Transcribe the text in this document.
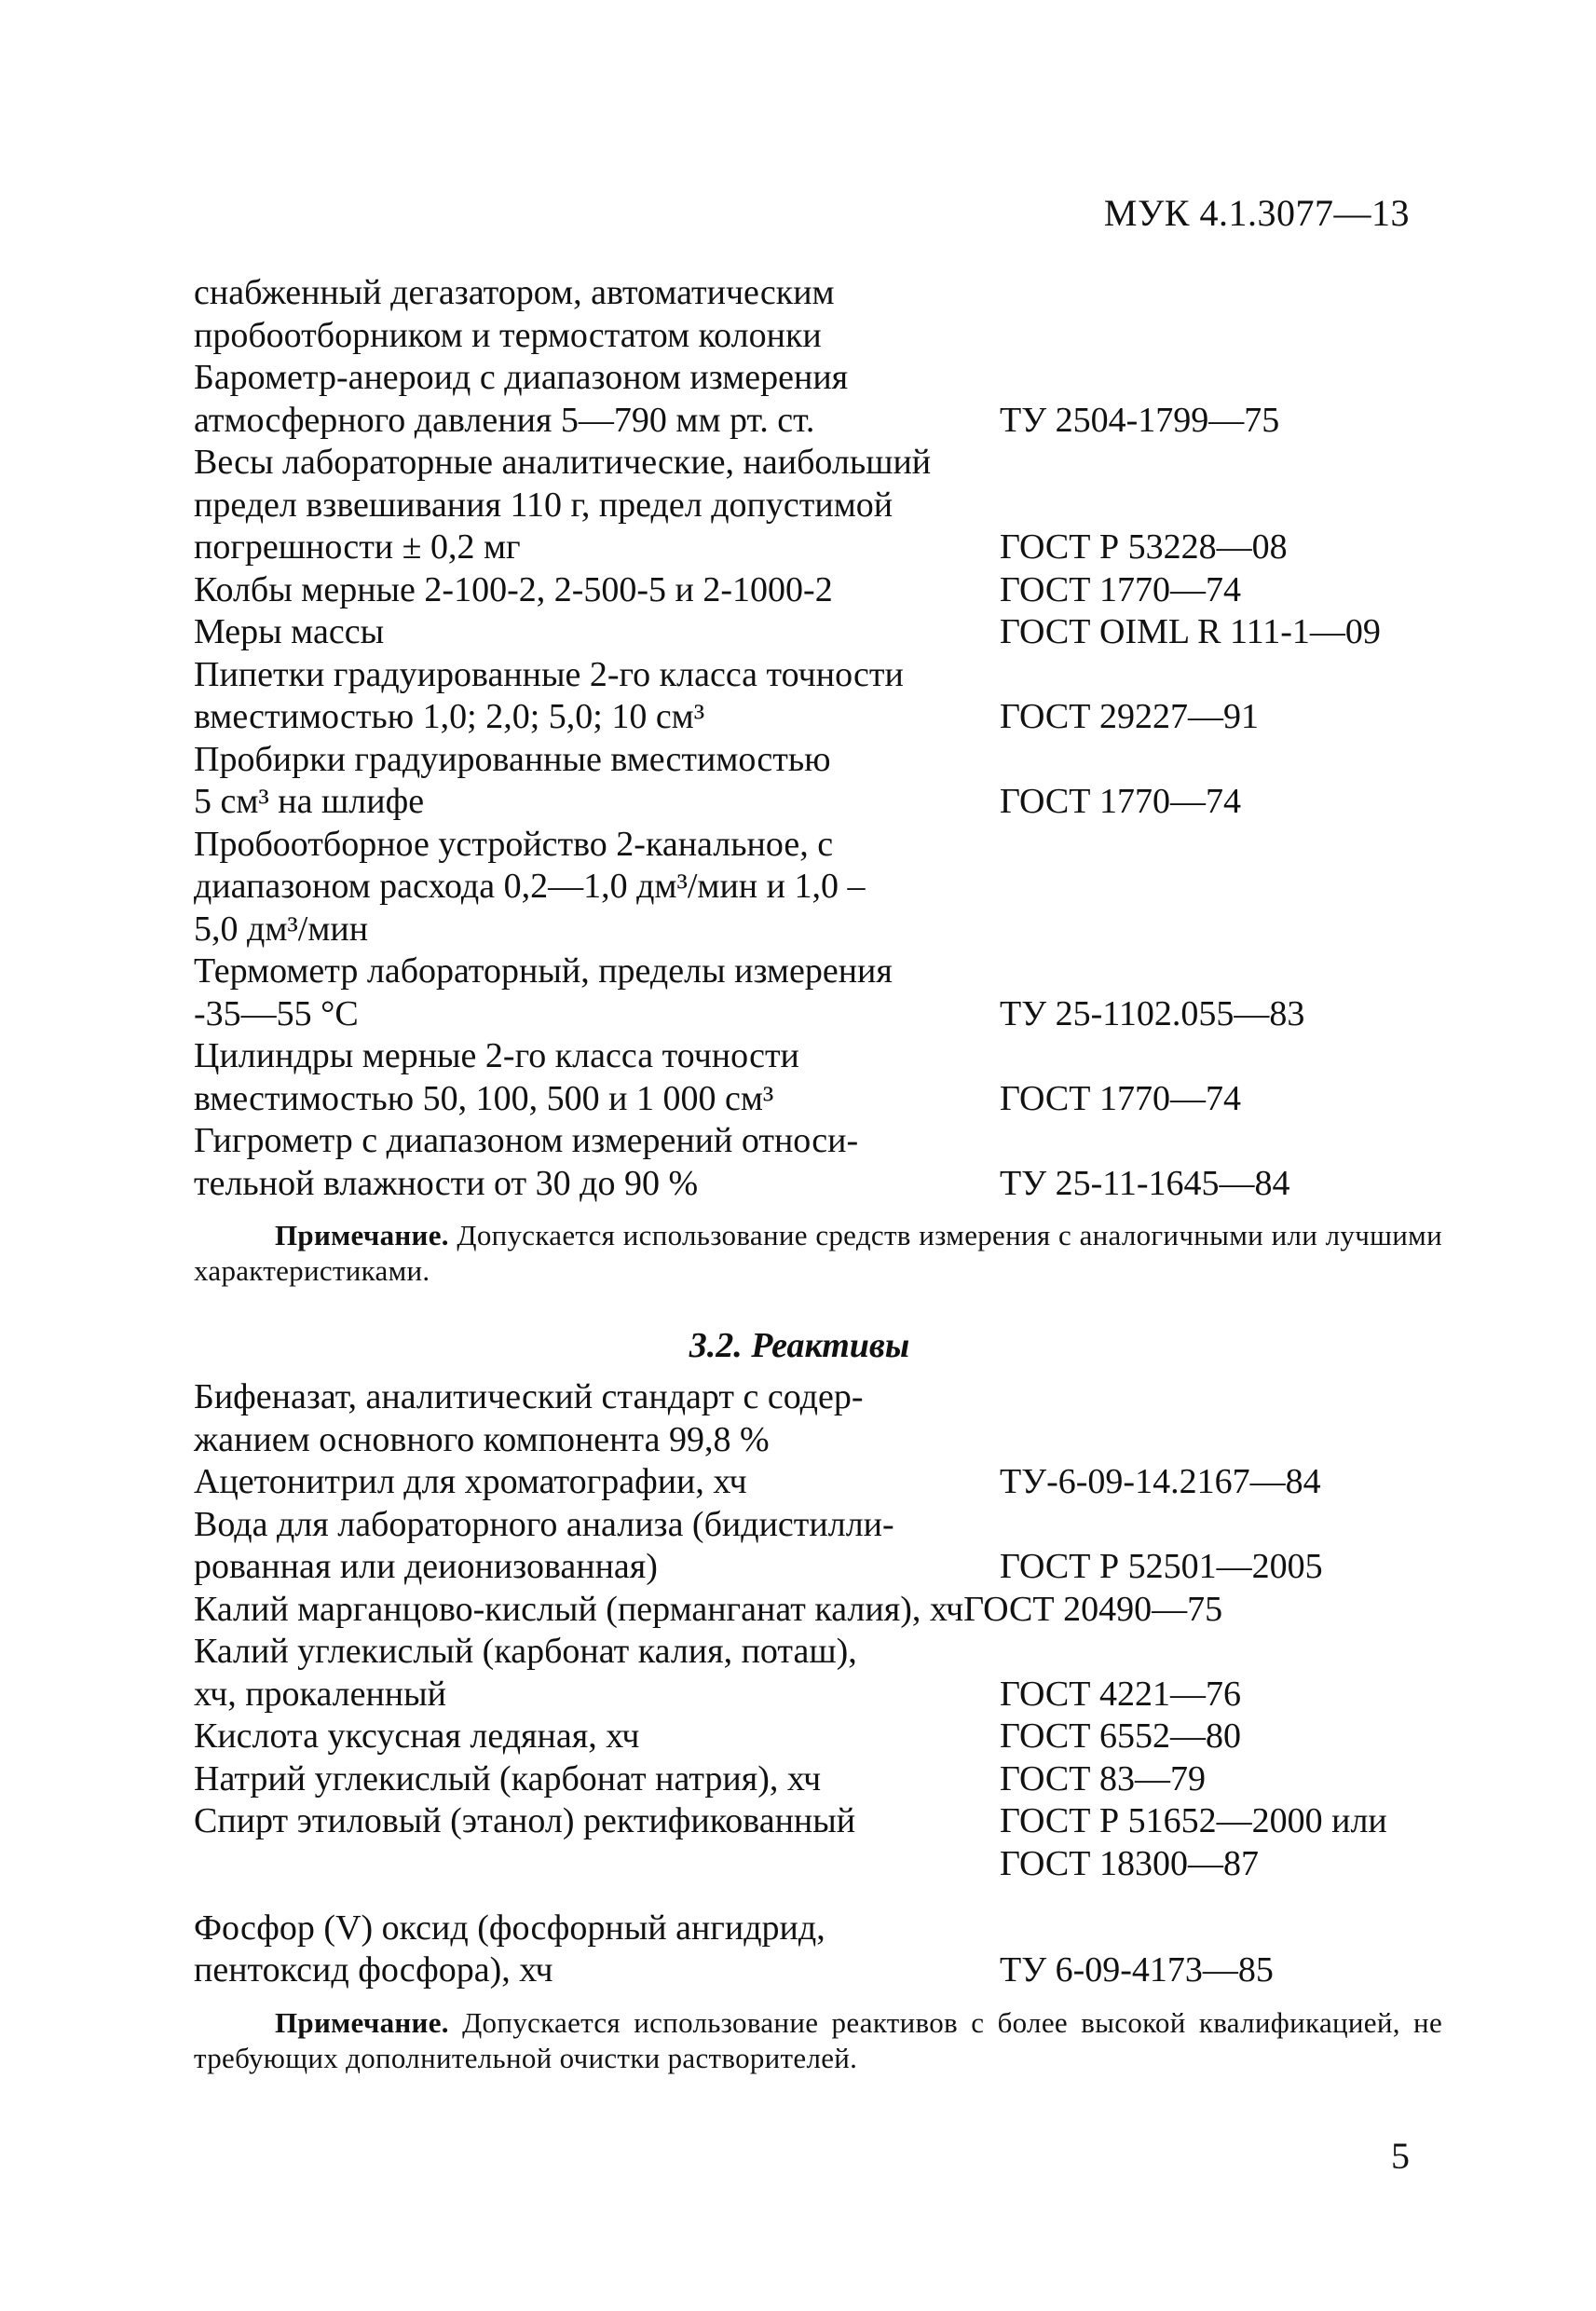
МУК 4.1.3077—13
снабженный дегазатором, автоматическим
пробоотборником и термостатом колонки
Барометр-анероид с диапазоном измерения
атмосферного давления 5—790 мм рт. ст.	ТУ 2504-1799—75
Весы лабораторные аналитические, наибольший
предел взвешивания 110 г, предел допустимой
погрешности ± 0,2 мг	ГОСТ Р 53228—08
Колбы мерные 2-100-2, 2-500-5 и 2-1000-2	ГОСТ 1770—74
Меры массы	ГОСТ OIML R 111-1—09
Пипетки градуированные 2-го класса точности
вместимостью 1,0; 2,0; 5,0; 10 см³	ГОСТ 29227—91
Пробирки градуированные вместимостью
5 см³ на шлифе	ГОСТ 1770—74
Пробоотборное устройство 2-канальное, с
диапазоном расхода 0,2—1,0 дм³/мин и 1,0 –
5,0 дм³/мин
Термометр лабораторный, пределы измерения
-35—55 °С	ТУ 25-1102.055—83
Цилиндры мерные 2-го класса точности
вместимостью 50, 100, 500 и 1 000 см³	ГОСТ 1770—74
Гигрометр с диапазоном измерений относи-
тельной влажности от 30 до 90 %	ТУ 25-11-1645—84

Примечание. Допускается использование средств измерения с аналогичными или лучшими характеристиками.

3.2. Реактивы
Бифеназат, аналитический стандарт с содер-
жанием основного компонента 99,8 %
Ацетонитрил для хроматографии, хч	ТУ-6-09-14.2167—84
Вода для лабораторного анализа (бидистилли-
рованная или деионизованная)	ГОСТ Р 52501—2005
Калий марганцово-кислый (перманганат калия), хч ГОСТ 20490—75
Калий углекислый (карбонат калия, поташ),
хч, прокаленный	ГОСТ 4221—76
Кислота уксусная ледяная, хч	ГОСТ 6552—80
Натрий углекислый (карбонат натрия), хч	ГОСТ 83—79
Спирт этиловый (этанол) ректификованный	ГОСТ Р 51652—2000 или
ГОСТ 18300—87
Фосфор (V) оксид (фосфорный ангидрид,
пентоксид фосфора), хч	ТУ 6-09-4173—85

Примечание. Допускается использование реактивов с более высокой квалификацией, не требующих дополнительной очистки растворителей.

5
